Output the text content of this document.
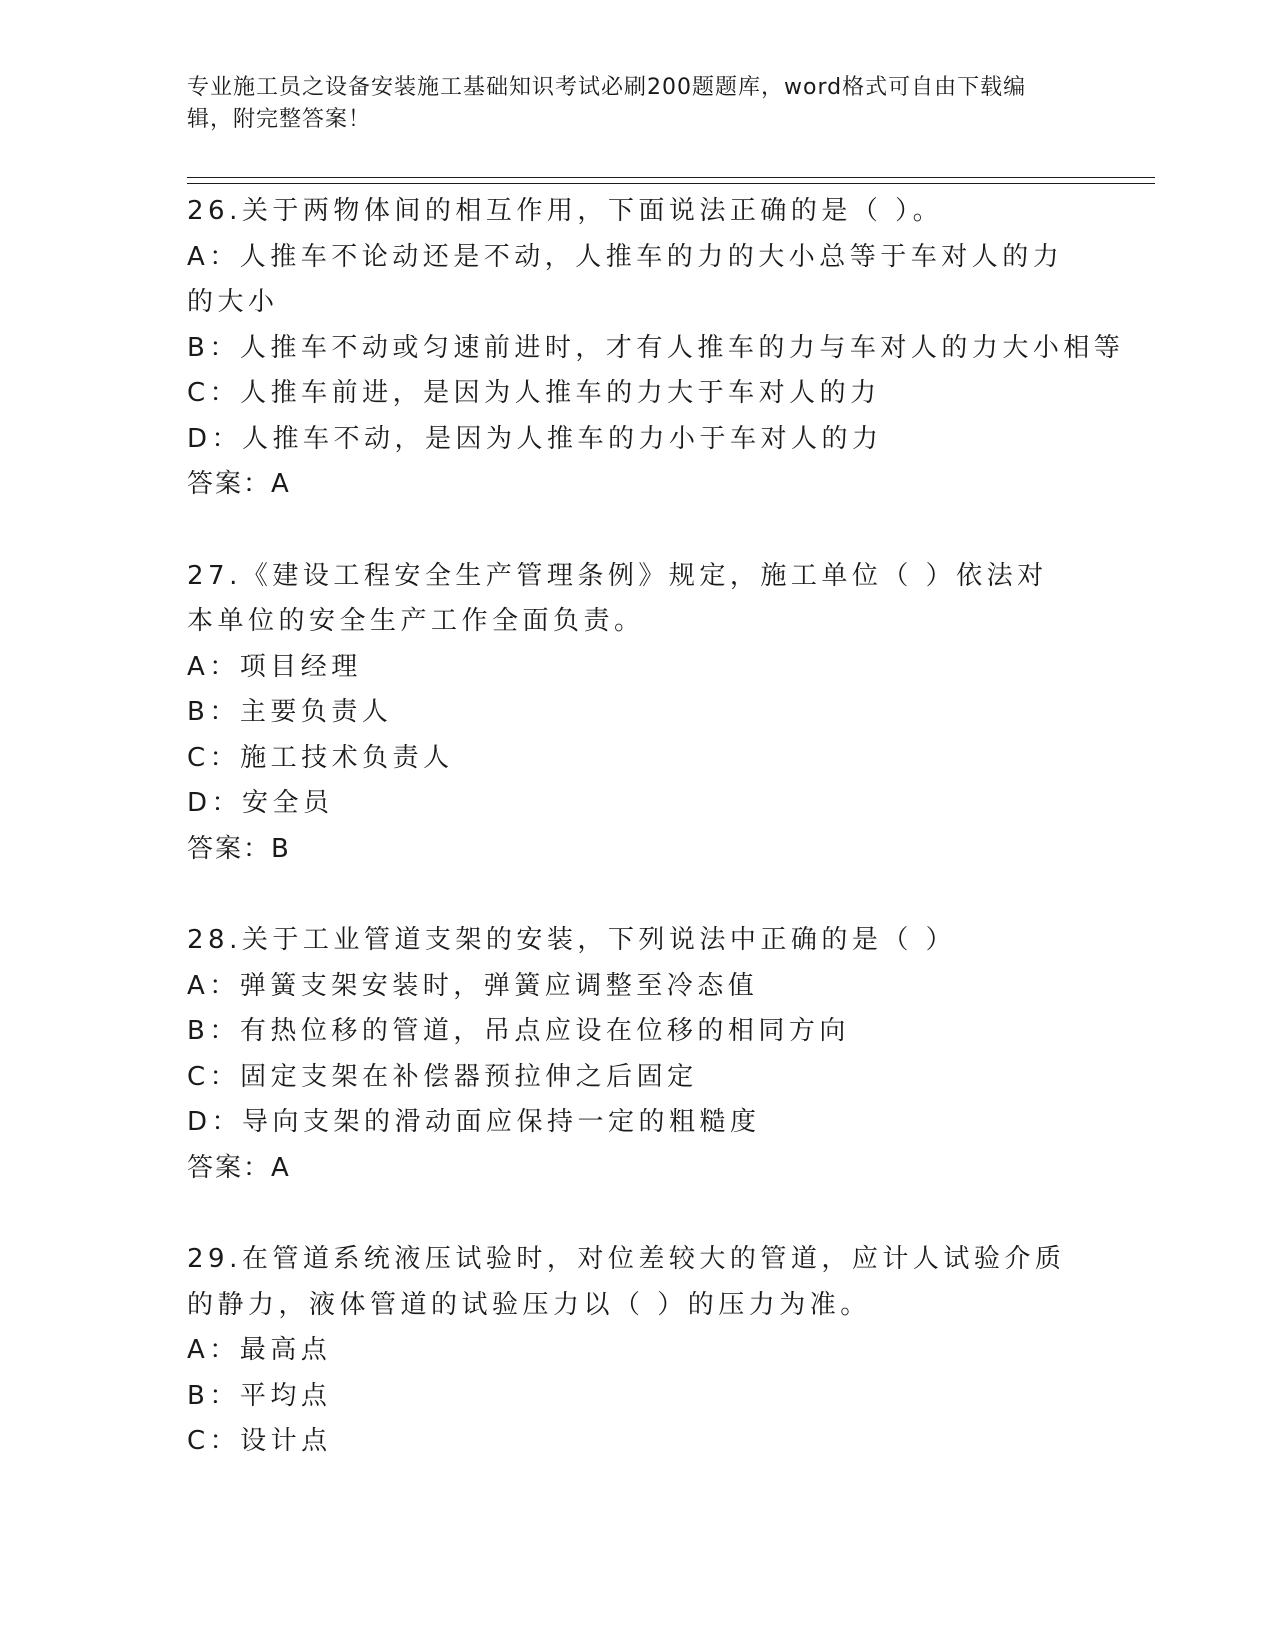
专业施工员之设备安装施工基础知识考试必刷200题题库，word格式可自由下载编辑，附完整答案！
26.关于两物体间的相互作用，下面说法正确的是（ ）。
A：人推车不论动还是不动，人推车的力的大小总等于车对人的力的大小
B：人推车不动或匀速前进时，才有人推车的力与车对人的力大小相等
C：人推车前进，是因为人推车的力大于车对人的力
D：人推车不动，是因为人推车的力小于车对人的力
答案：A
27.《建设工程安全生产管理条例》规定，施工单位（ ）依法对本单位的安全生产工作全面负责。
A：项目经理
B：主要负责人
C：施工技术负责人
D：安全员
答案：B
28.关于工业管道支架的安装，下列说法中正确的是（ ）
A：弹簧支架安装时，弹簧应调整至冷态值
B：有热位移的管道，吊点应设在位移的相同方向
C：固定支架在补偿器预拉伸之后固定
D：导向支架的滑动面应保持一定的粗糙度
答案：A
29.在管道系统液压试验时，对位差较大的管道，应计人试验介质的静力，液体管道的试验压力以（ ）的压力为准。
A：最高点
B：平均点
C：设计点
